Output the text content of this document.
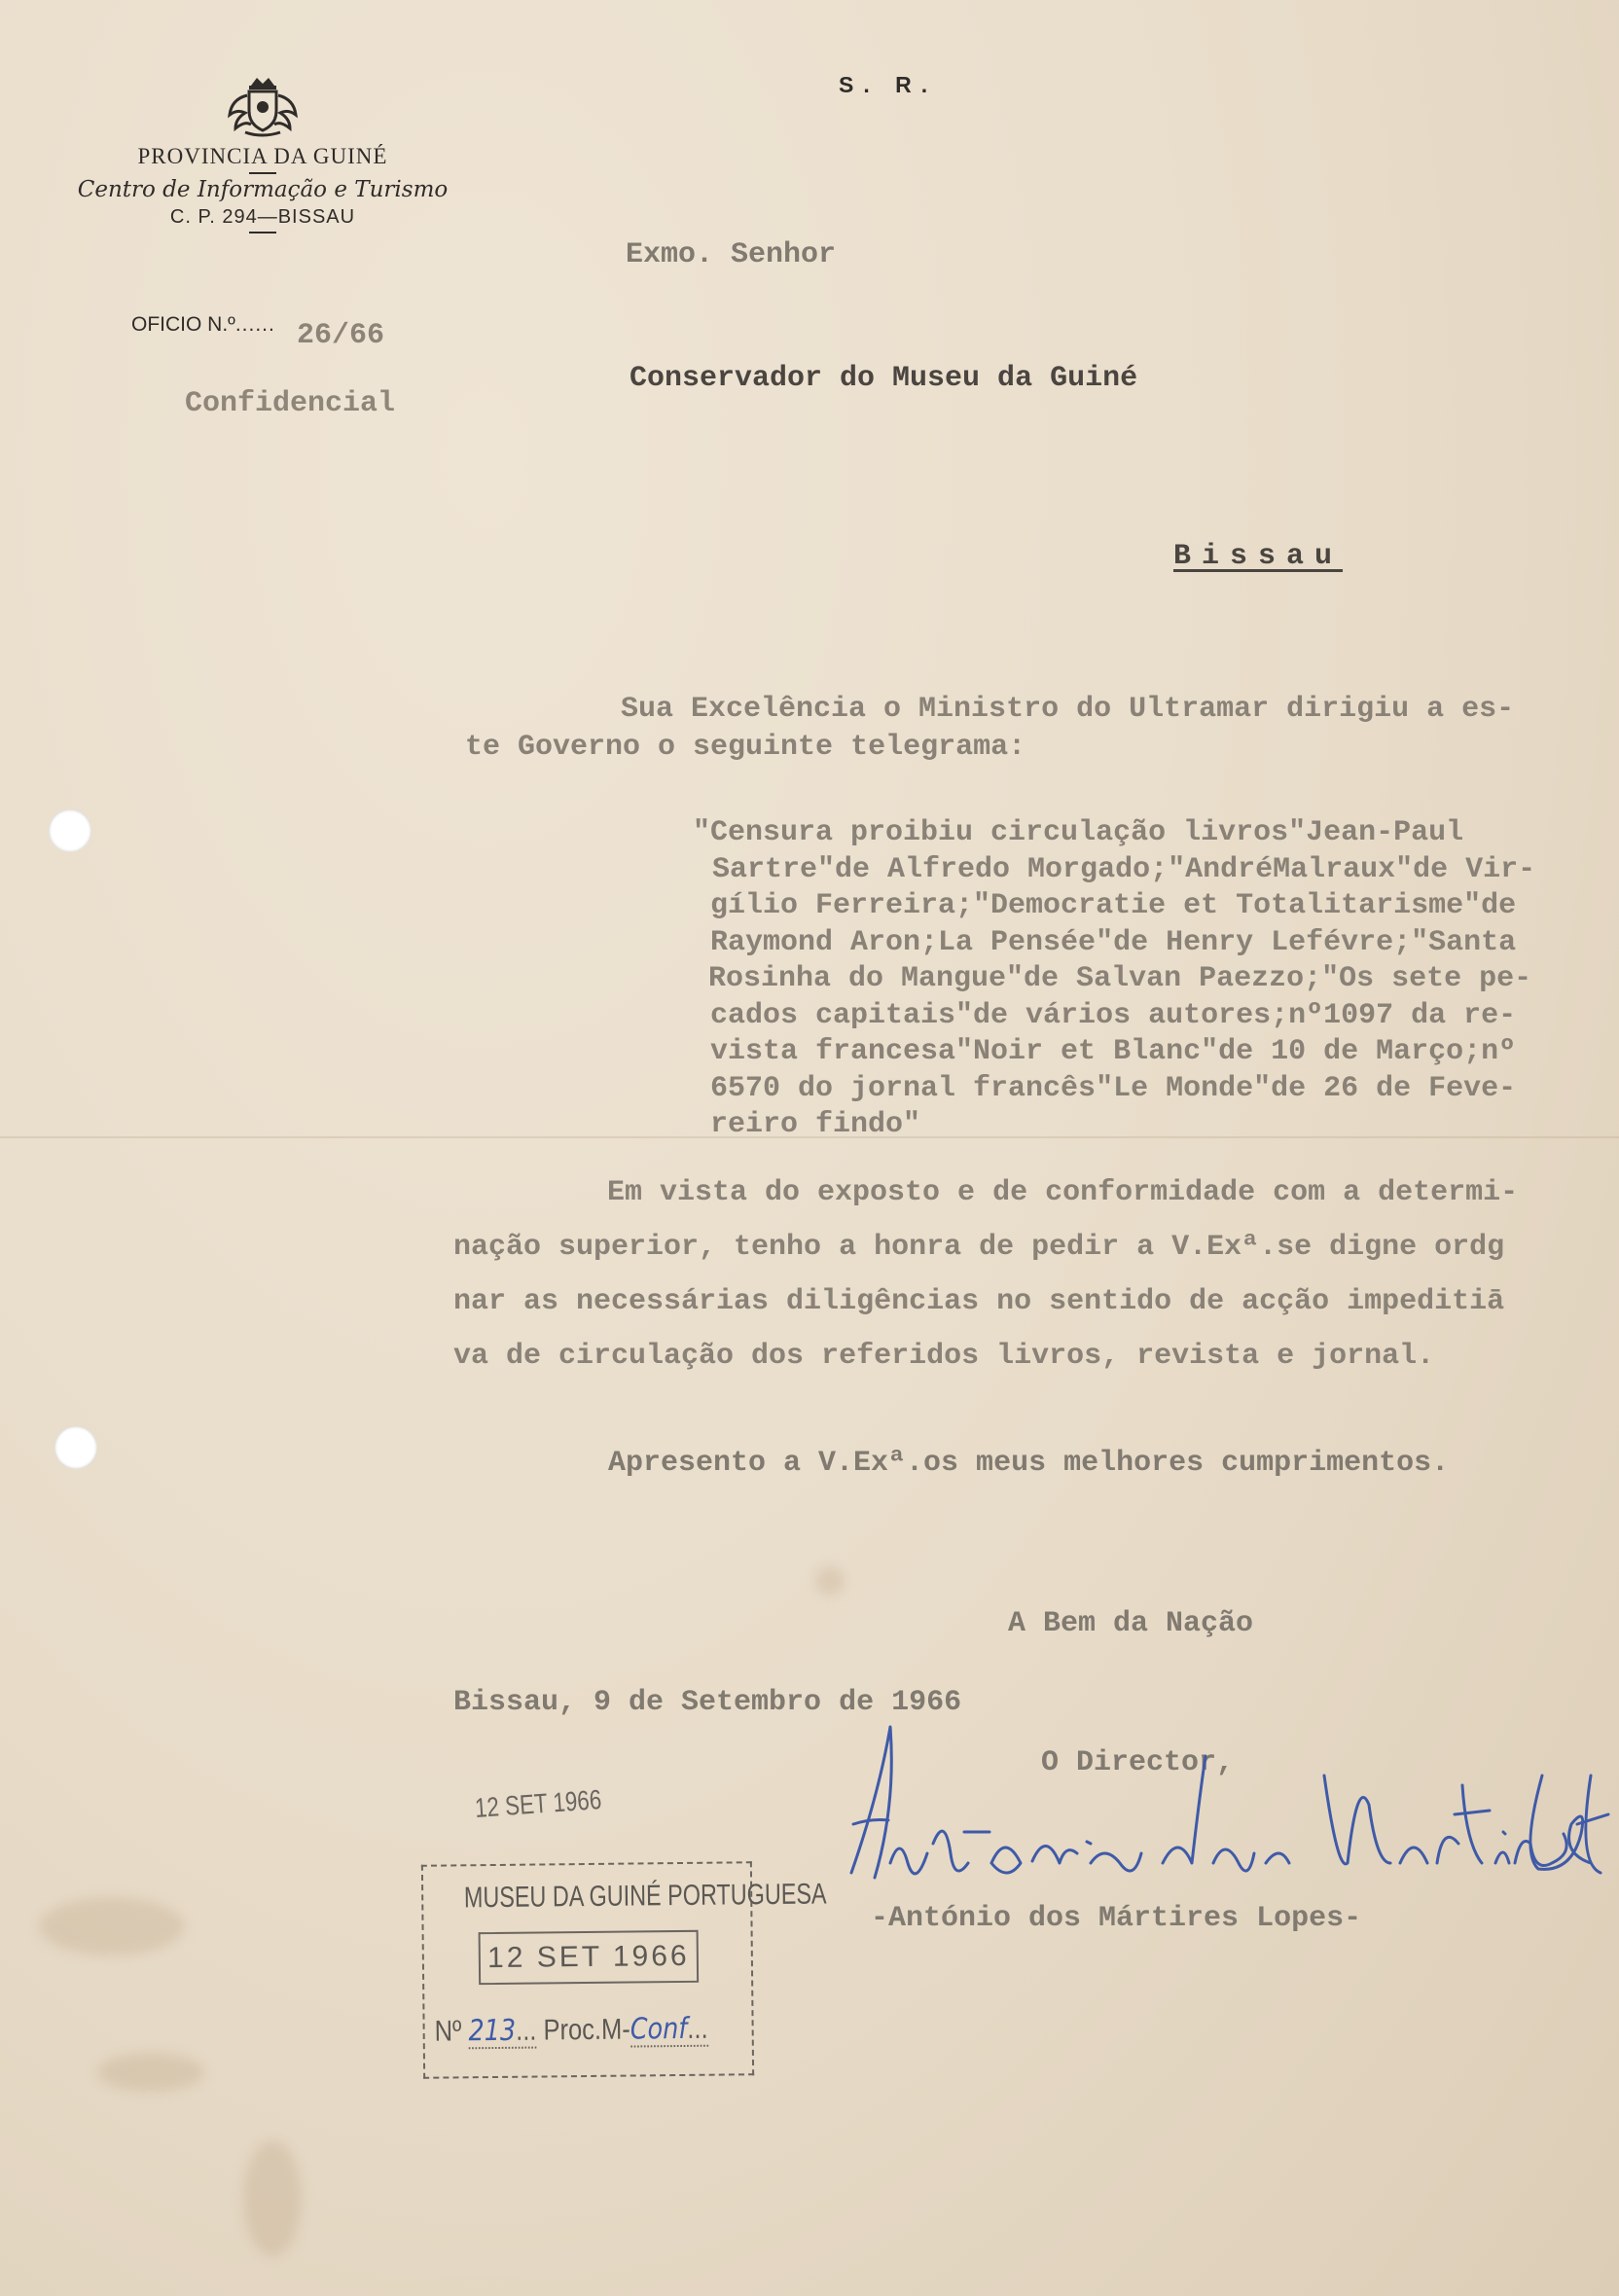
PROVINCIA DA GUINÉ
Centro de Informação e Turismo
C. P. 294—BISSAU
OFICIO N.º...... 26/66
Confidencial
S. R.
Exmo. Senhor
Conservador do Museu da Guiné
Bissau
Sua Excelência o Ministro do Ultramar dirigiu a es-
te Governo o seguinte telegrama:
"Censura proibiu circulação livros"Jean-Paul
Sartre"de Alfredo Morgado;"AndréMalraux"de Vir-
gílio Ferreira;"Democratie et Totalitarisme"de
Raymond Aron;La Pensée"de Henry Lefévre;"Santa
Rosinha do Mangue"de Salvan Paezzo;"Os sete pe-
cados capitais"de vários autores;nº1097 da re-
vista francesa"Noir et Blanc"de 10 de Março;nº
6570 do jornal francês"Le Monde"de 26 de Feve-
reiro findo"
Em vista do exposto e de conformidade com a determi-
nação superior, tenho a honra de pedir a V.Exª.se digne ordg
nar as necessárias diligências no sentido de acção impeditiā
va de circulação dos referidos livros, revista e jornal.
Apresento a V.Exª.os meus melhores cumprimentos.
A Bem da Nação
Bissau, 9 de Setembro de 1966
O Director,
-António dos Mártires Lopes-
12 SET 1966
MUSEU DA GUINÉ PORTUGUESA
12 SET 1966
Nº 213... Proc.M-Conf...
